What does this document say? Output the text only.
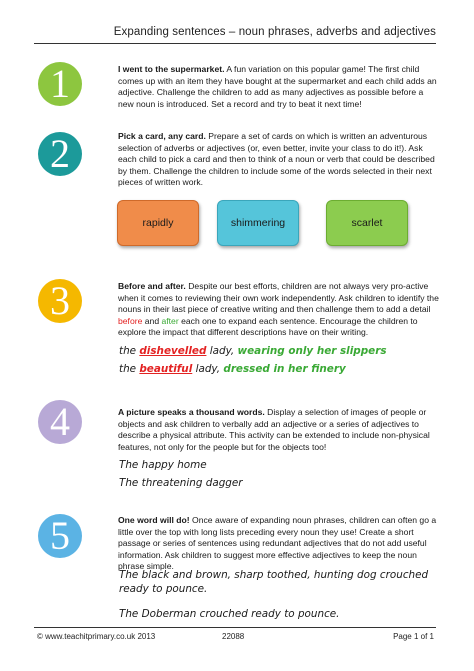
Expanding sentences – noun phrases, adverbs and adjectives
1	I went to the supermarket. A fun variation on this popular game! The first child comes up with an item they have bought at the supermarket and each child adds an adjective. Challenge the children to add as many adjectives as possible before a new noun is introduced. Set a record and try to beat it next time!
2	Pick a card, any card. Prepare a set of cards on which is written an adventurous selection of adverbs or adjectives (or, even better, invite your class to do it!). Ask each child to pick a card and then to think of a noun or verb that could be described by them. Challenge the children to include some of the words selected in their next pieces of written work.
rapidly	shimmering	scarlet
3	Before and after. Despite our best efforts, children are not always very pro-active when it comes to reviewing their own work independently. Ask children to identify the nouns in their last piece of creative writing and then challenge them to add a detail before and after each one to expand each sentence. Encourage the children to explore the impact that different descriptions have on their writing.
the dishevelled lady, wearing only her slippers
the beautiful lady, dressed in her finery
4	A picture speaks a thousand words. Display a selection of images of people or objects and ask children to verbally add an adjective or a series of adjectives to describe a physical attribute. This activity can be extended to include non-physical features, not only for the people but for the objects too!
The happy home
The threatening dagger
5	One word will do! Once aware of expanding noun phrases, children can often go a little over the top with long lists preceding every noun they use! Create a short passage or series of sentences using redundant adjectives that do not add useful information. Ask children to suggest more effective adjectives to keep the noun phrase simple.
The black and brown, sharp toothed, hunting dog crouched ready to pounce.
The Doberman crouched ready to pounce.
© www.teachitprimary.co.uk 2013	22088	Page 1 of 1
